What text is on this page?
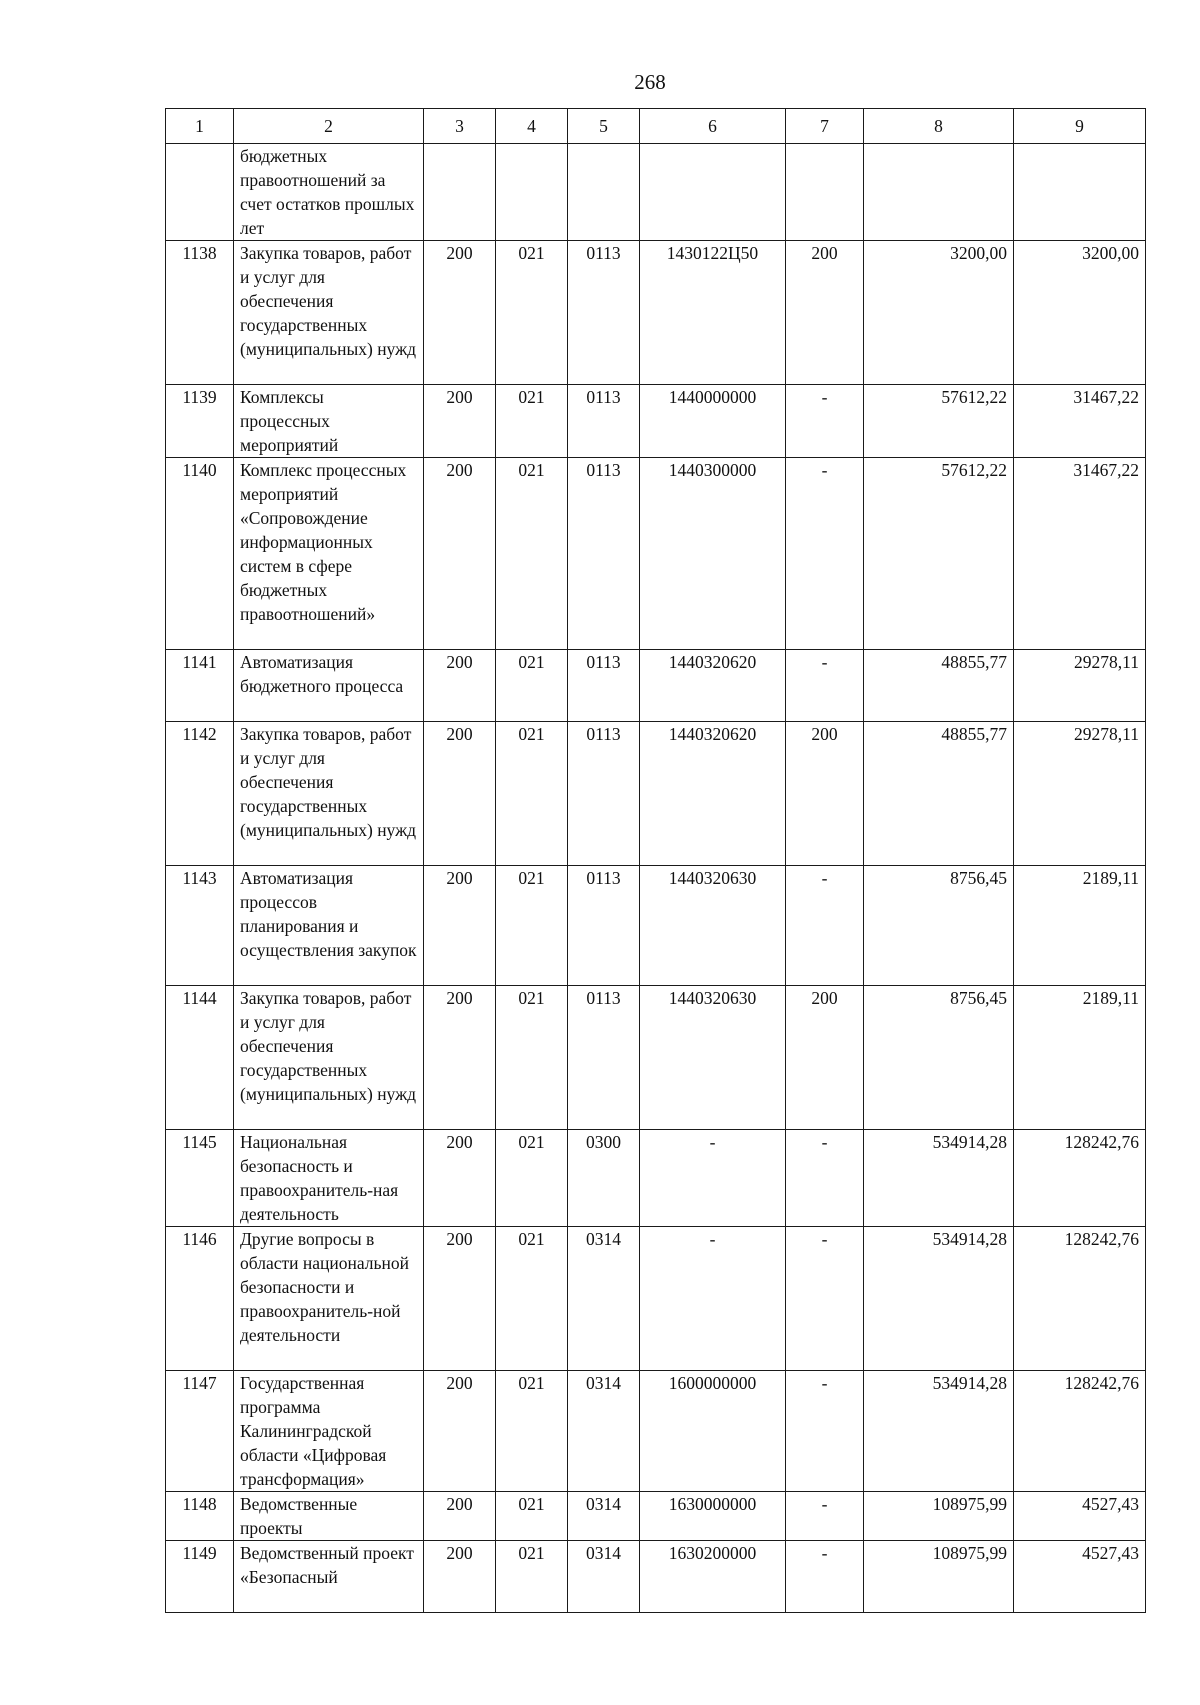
268
1	2	3	4	5	6	7	8	9
	бюджетных правоотношений за счет остатков прошлых лет							
1138	Закупка товаров, работ и услуг для обеспечения государственных (муниципальных) нужд	200	021	0113	1430122Ц50	200	3200,00	3200,00
1139	Комплексы процессных мероприятий	200	021	0113	1440000000	-	57612,22	31467,22
1140	Комплекс процессных мероприятий «Сопровождение информационных систем в сфере бюджетных правоотношений»	200	021	0113	1440300000	-	57612,22	31467,22
1141	Автоматизация бюджетного процесса	200	021	0113	1440320620	-	48855,77	29278,11
1142	Закупка товаров, работ и услуг для обеспечения государственных (муниципальных) нужд	200	021	0113	1440320620	200	48855,77	29278,11
1143	Автоматизация процессов планирования и осуществления закупок	200	021	0113	1440320630	-	8756,45	2189,11
1144	Закупка товаров, работ и услуг для обеспечения государственных (муниципальных) нужд	200	021	0113	1440320630	200	8756,45	2189,11
1145	Национальная безопасность и правоохранитель-ная деятельность	200	021	0300	-	-	534914,28	128242,76
1146	Другие вопросы в области национальной безопасности и правоохранитель-ной деятельности	200	021	0314	-	-	534914,28	128242,76
1147	Государственная программа Калининградской области «Цифровая трансформация»	200	021	0314	1600000000	-	534914,28	128242,76
1148	Ведомственные проекты	200	021	0314	1630000000	-	108975,99	4527,43
1149	Ведомственный проект «Безопасный	200	021	0314	1630200000	-	108975,99	4527,43
